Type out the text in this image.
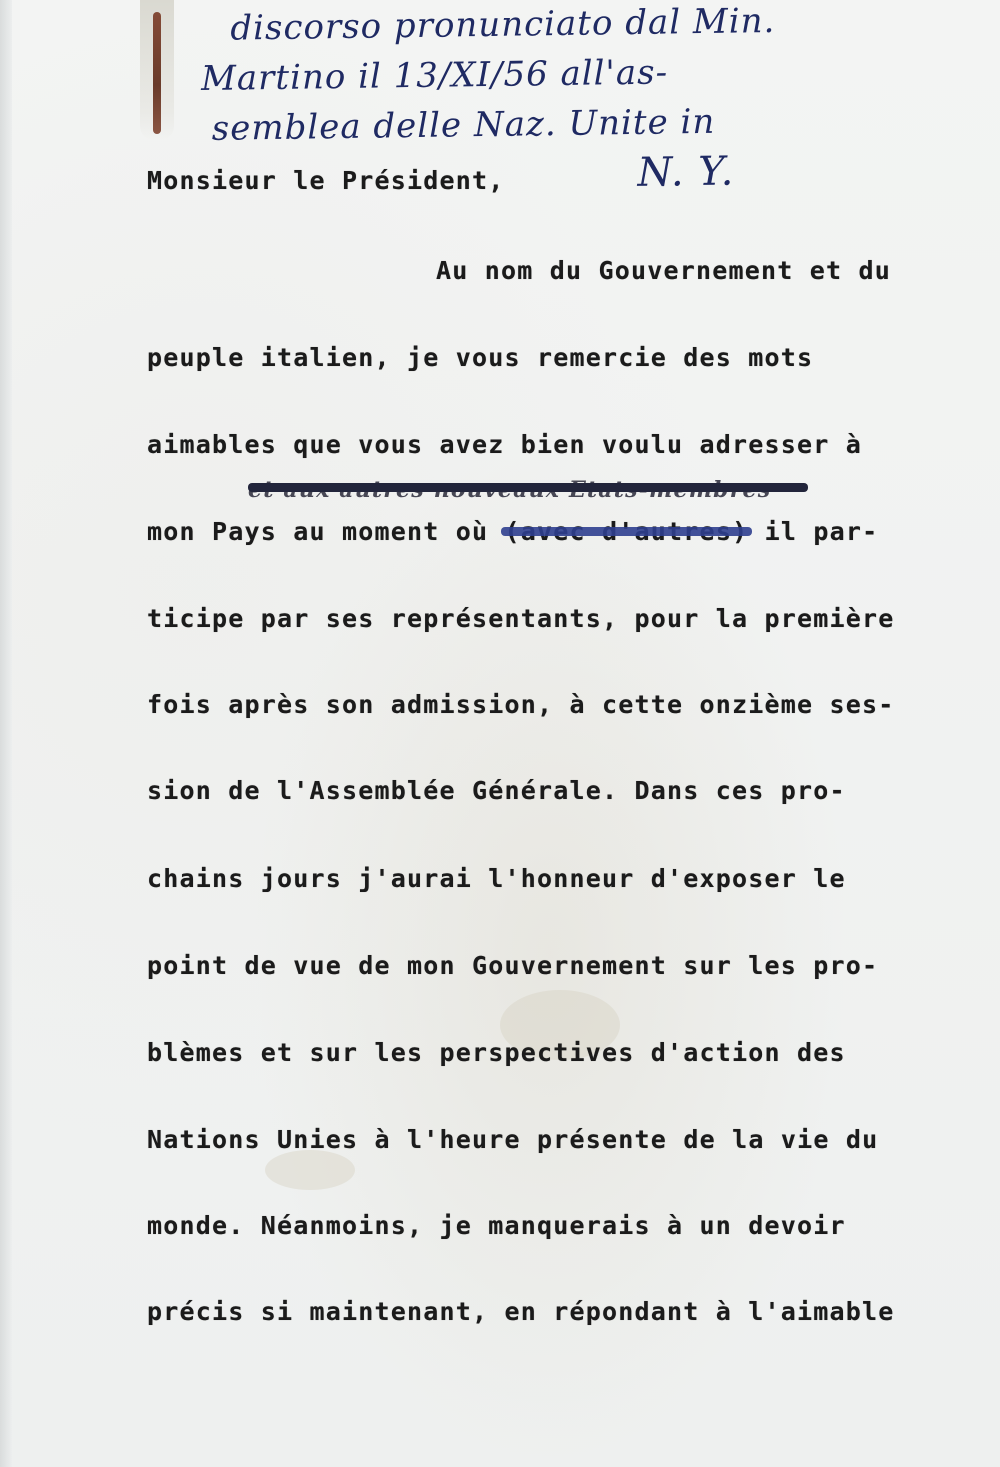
discorso pronunciato dal Min.
Martino il 13/XI/56 all'as-
semblea delle Naz. Unite in
N. Y.
Monsieur le Président,
Au nom du Gouvernement et du
peuple italien, je vous remercie des mots
aimables que vous avez bien voulu adresser à
mon Pays au moment où	il par-
ticipe par ses représentants, pour la première
fois après son admission, à cette onzième ses-
sion de l'Assemblée Générale. Dans ces pro-
chains jours j'aurai l'honneur d'exposer le
point de vue de mon Gouvernement sur les pro-
blèmes et sur les perspectives d'action des
Nations Unies à l'heure présente de la vie du
monde. Néanmoins, je manquerais à un devoir
précis si maintenant, en répondant à l'aimable
